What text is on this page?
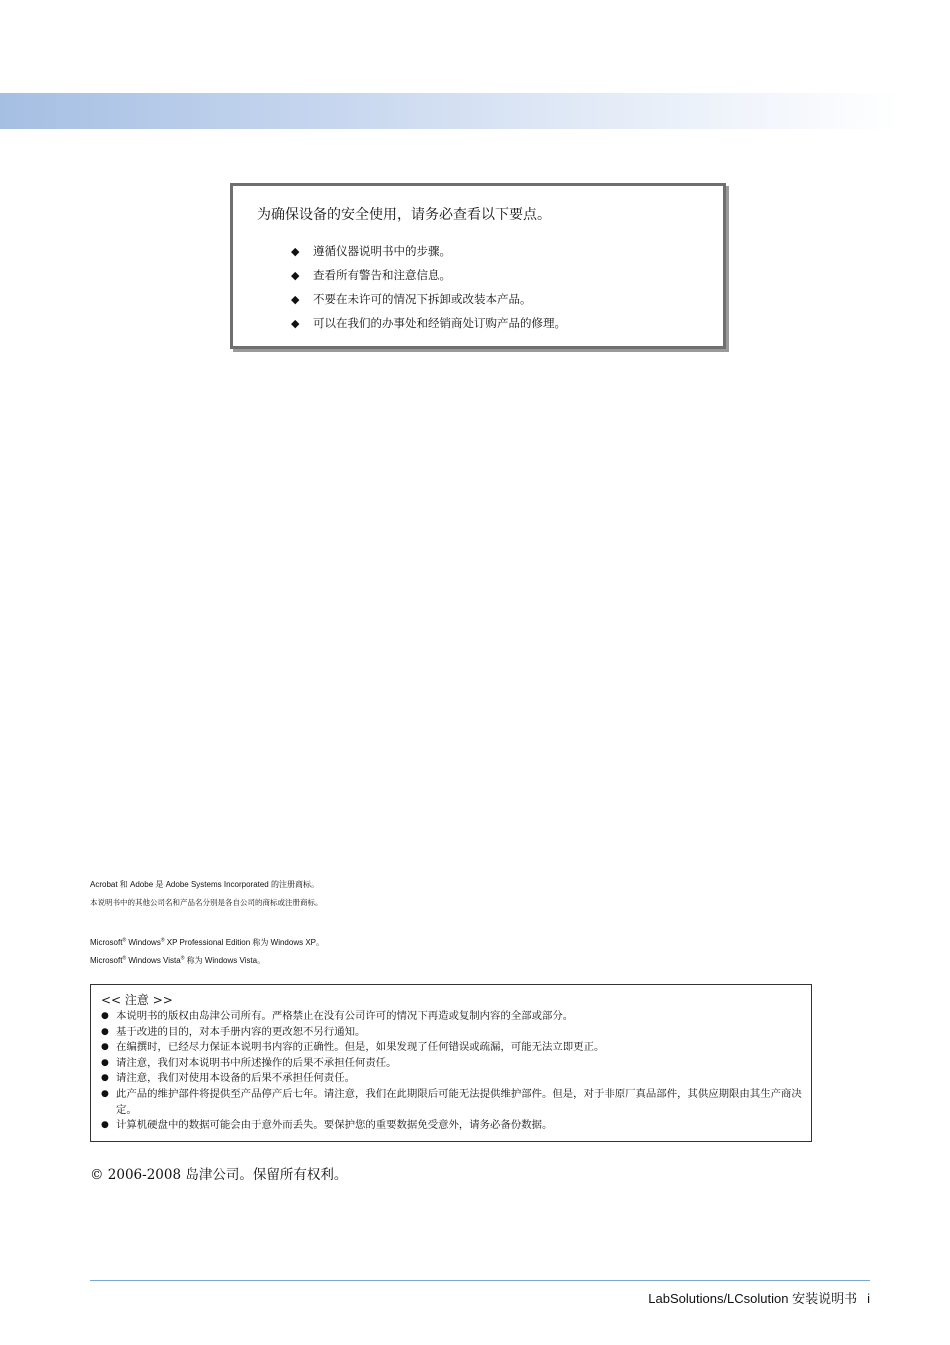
为确保设备的安全使用，请务必查看以下要点。
◆	遵循仪器说明书中的步骤。
◆	查看所有警告和注意信息。
◆	不要在未许可的情况下拆卸或改装本产品。
◆	可以在我们的办事处和经销商处订购产品的修理。
Acrobat 和 Adobe 是 Adobe Systems Incorporated 的注册商标。
本说明书中的其他公司名和产品名分别是各自公司的商标或注册商标。
Microsoft® Windows® XP Professional Edition 称为 Windows XP。
Microsoft® Windows Vista® 称为 Windows Vista。
<< 注意 >>
● 本说明书的版权由岛津公司所有。严格禁止在没有公司许可的情况下再造或复制内容的全部或部分。
● 基于改进的目的，对本手册内容的更改恕不另行通知。
● 在编撰时，已经尽力保证本说明书内容的正确性。但是，如果发现了任何错误或疏漏，可能无法立即更正。
● 请注意，我们对本说明书中所述操作的后果不承担任何责任。
● 请注意，我们对使用本设备的后果不承担任何责任。
● 此产品的维护部件将提供至产品停产后七年。请注意，我们在此期限后可能无法提供维护部件。但是，对于非原厂真品部件，其供应期限由其生产商决定。
● 计算机硬盘中的数据可能会由于意外而丢失。要保护您的重要数据免受意外，请务必备份数据。
© 2006-2008 岛津公司。保留所有权利。
LabSolutions/LCsolution 安装说明书 i
